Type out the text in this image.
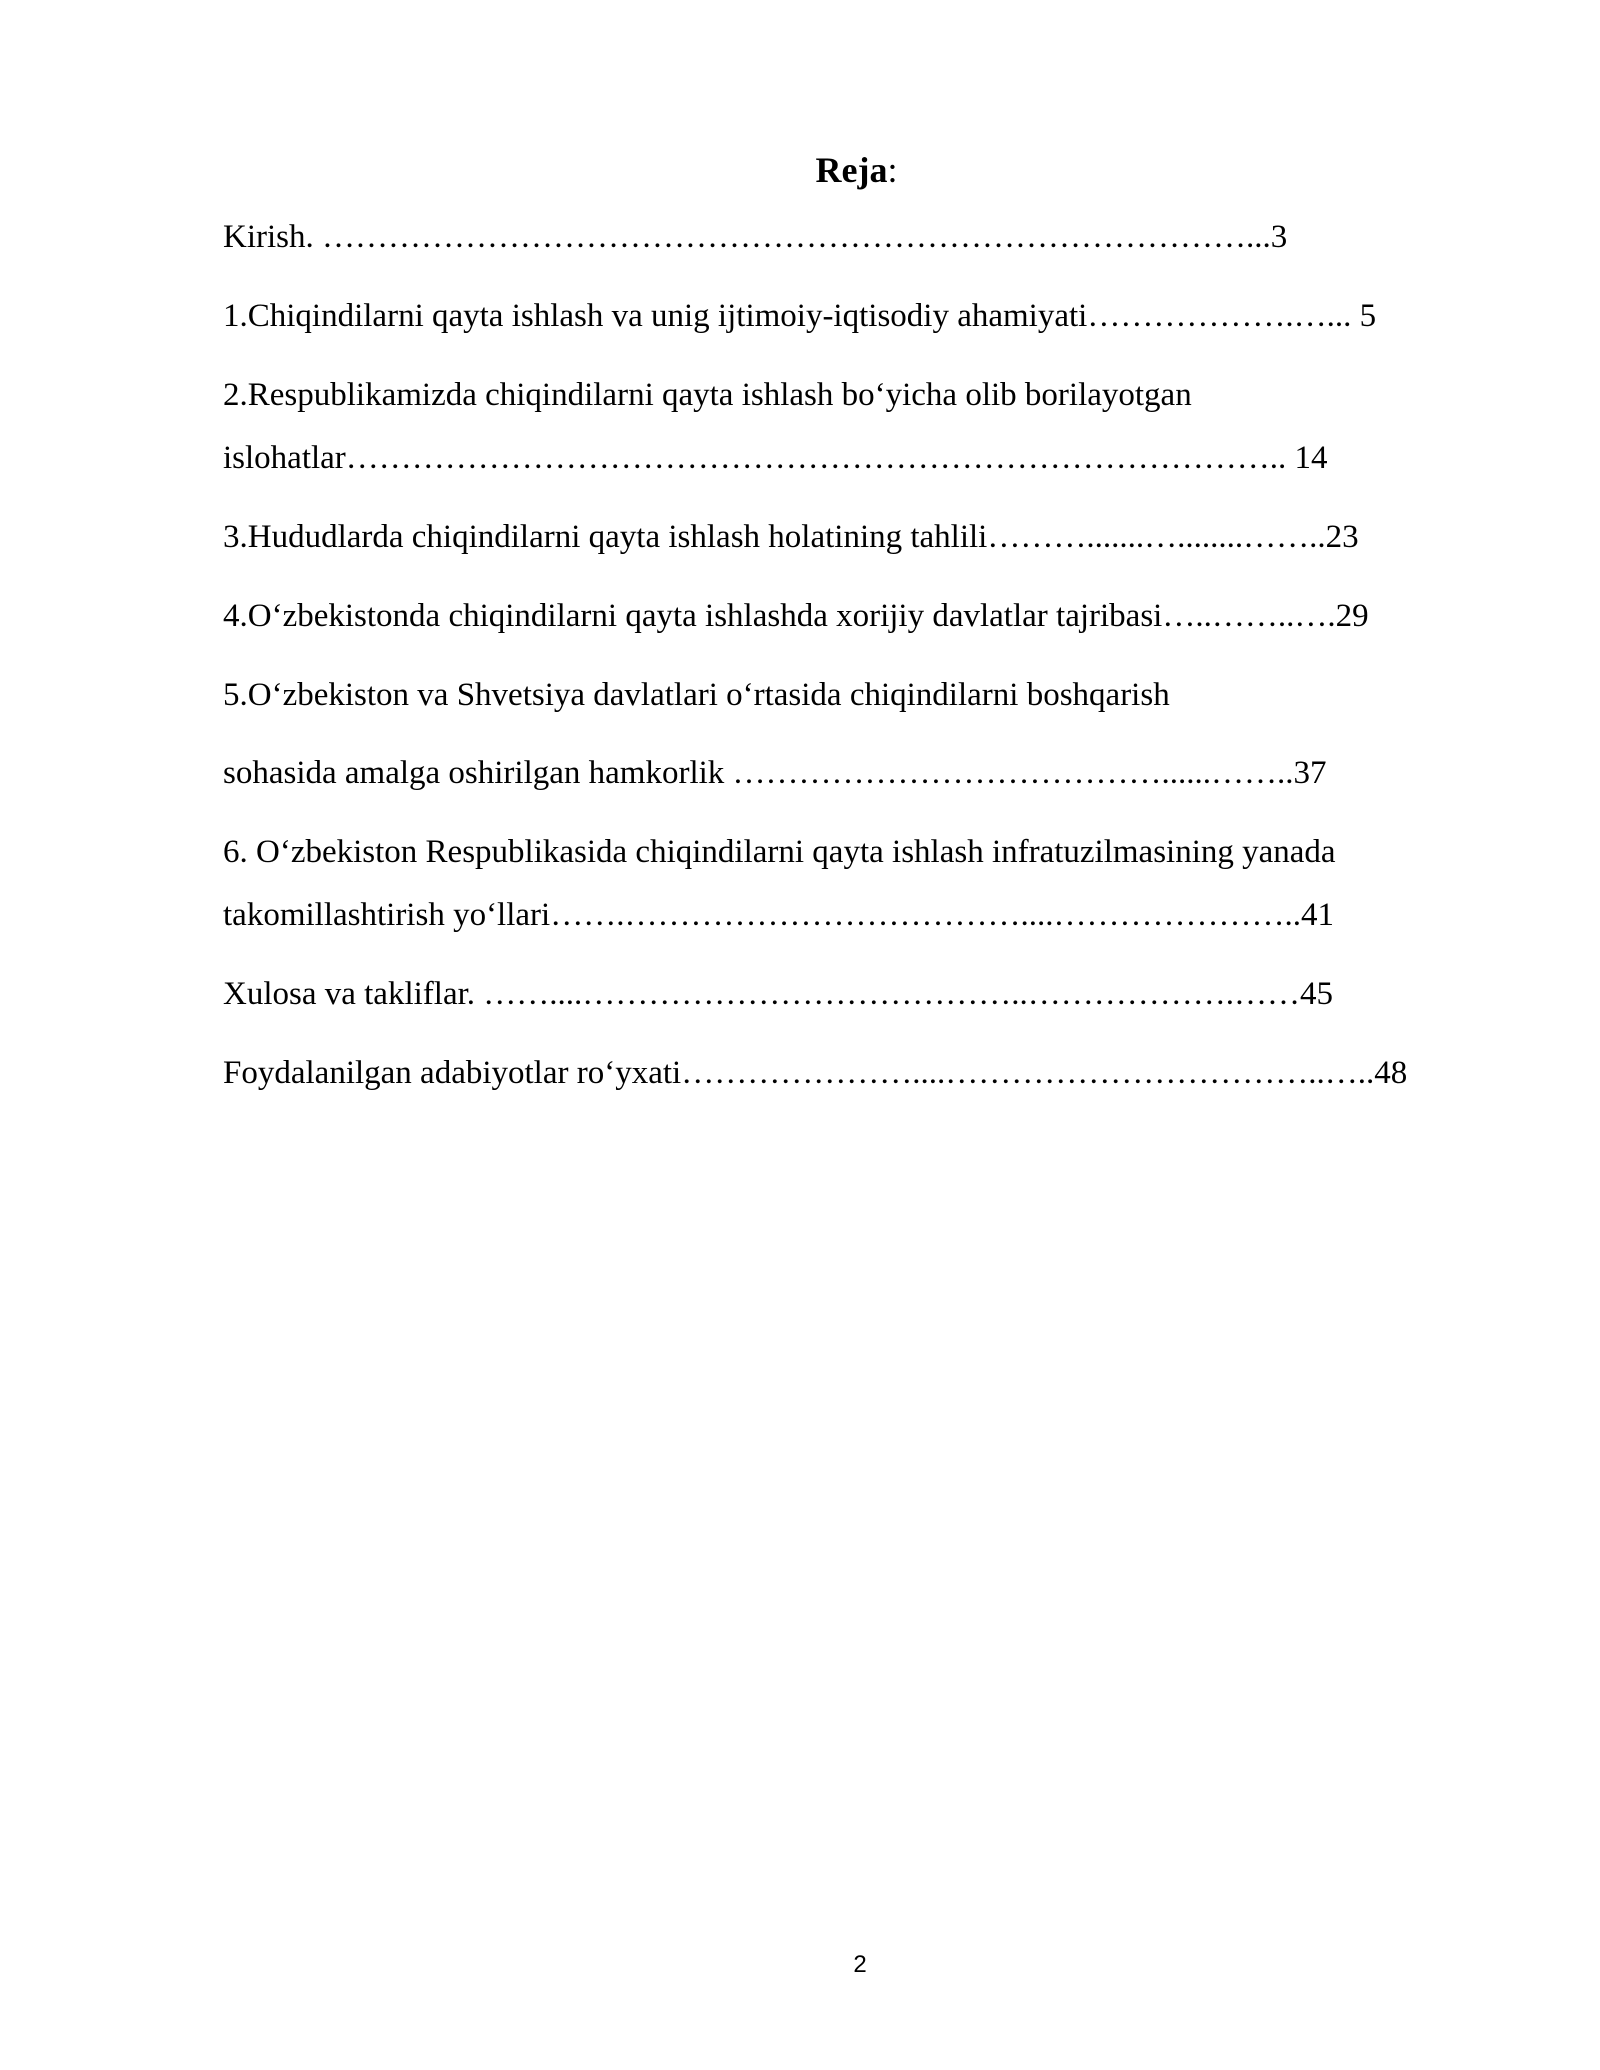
Reja:
Kirish. …………………………………………………………………………...3
1.Chiqindilarni qayta ishlash va unig ijtimoiy-iqtisodiy ahamiyati……………….…... 5
2.Respublikamizda chiqindilarni qayta ishlash bo‘yicha olib borilayotgan
islohatlar………………………………………………………………………….. 14
3.Hududlarda chiqindilarni qayta ishlash holatining tahlili……….......…........……..23
4.O‘zbekistonda chiqindilarni qayta ishlashda xorijiy davlatlar tajribasi…..……..….29
5.O‘zbekiston va Shvetsiya davlatlari o‘rtasida chiqindilarni boshqarish
sohasida amalga oshirilgan hamkorlik …………………………………......……..37
6. O‘zbekiston Respublikasida chiqindilarni qayta ishlash infratuzilmasining yanada
takomillashtirish yo‘llari…….………………………………....…………………..41
Xulosa va takliflar. ……....…………………………………..……………….……45
Foydalanilgan adabiyotlar ro‘yxati…………………....……………………………..…..48
2
